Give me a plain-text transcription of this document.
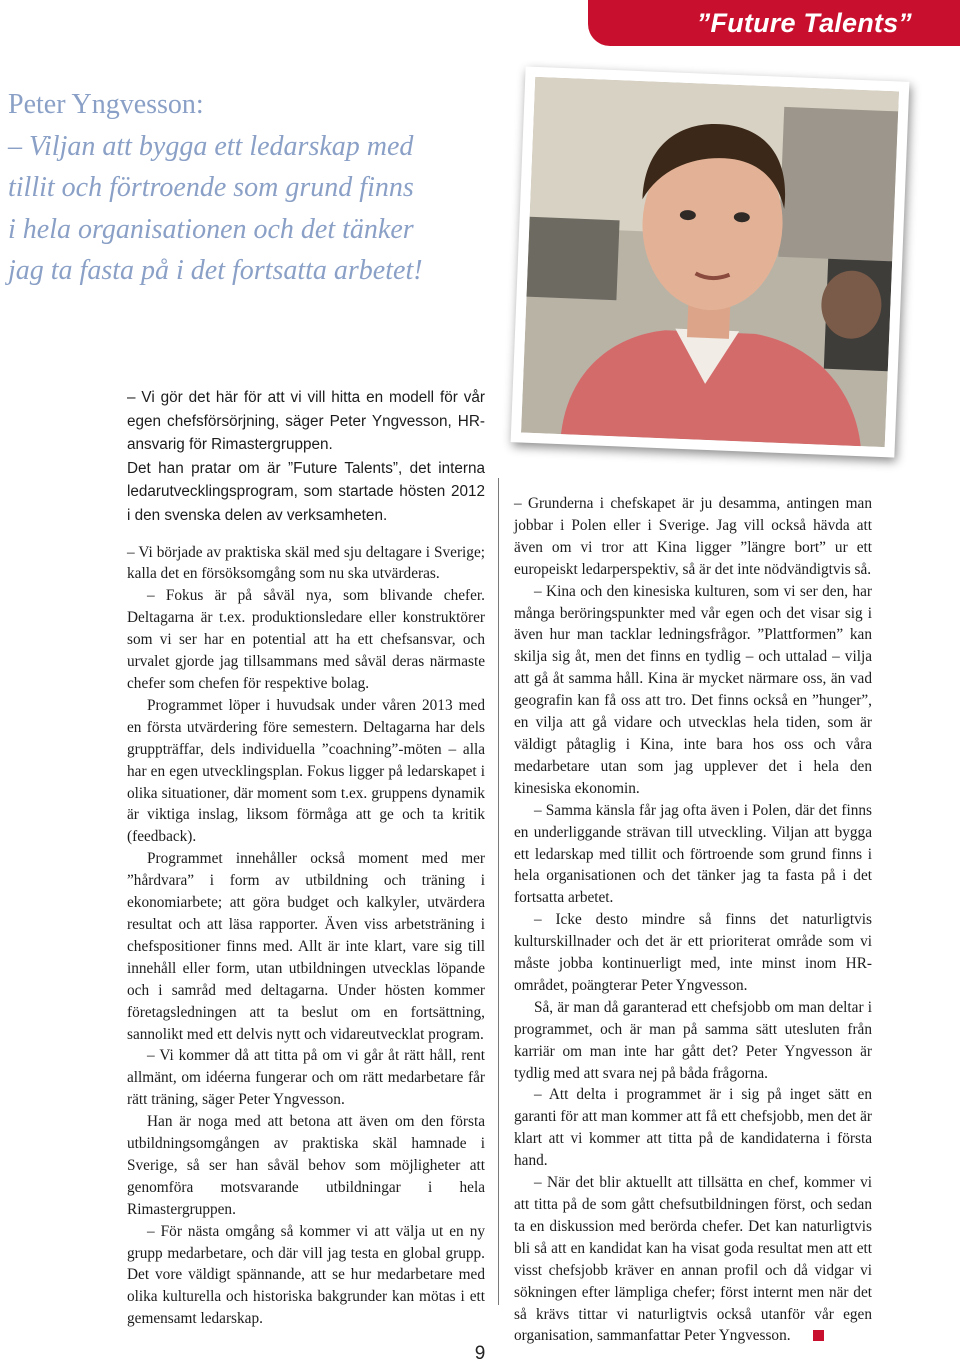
”Future Talents”
Peter Yngvesson:
– Viljan att bygga ett ledarskap med
tillit och förtroende som grund finns
i hela organisationen och det tänker
jag ta fasta på i det fortsatta arbetet!

– Vi gör det här för att vi vill hitta en modell för vår egen chefsförsörjning, säger Peter Yngvesson, HR-ansvarig för Rimastergruppen.
Det han pratar om är ”Future Talents”, det interna ledarutvecklingsprogram, som startade hösten 2012 i den svenska delen av verksamheten.

– Vi började av praktiska skäl med sju deltagare i Sverige; kalla det en försöksomgång som nu ska utvärderas.

– Fokus är på såväl nya, som blivande chefer. Deltagarna är t.ex. produktionsledare eller konstruktörer som vi ser har en potential att ha ett chefsansvar, och urvalet gjorde jag tillsammans med såväl deras närmaste chefer som chefen för respektive bolag.

Programmet löper i huvudsak under våren 2013 med en första utvärdering före semestern. Deltagarna har dels gruppträffar, dels individuella ”coachning”-möten – alla har en egen utvecklingsplan. Fokus ligger på ledarskapet i olika situationer, där moment som t.ex. gruppens dynamik är viktiga inslag, liksom förmåga att ge och ta kritik (feedback).

Programmet innehåller också moment med mer ”hårdvara” i form av utbildning och träning i ekonomiarbete; att göra budget och kalkyler, utvärdera resultat och att läsa rapporter. Även viss arbetsträning i chefspositioner finns med. Allt är inte klart, vare sig till innehåll eller form, utan utbildningen utvecklas löpande och i samråd med deltagarna. Under hösten kommer företagsledningen att ta beslut om en fortsättning, sannolikt med ett delvis nytt och vidareutvecklat program.

– Vi kommer då att titta på om vi går åt rätt håll, rent allmänt, om idéerna fungerar och om rätt medarbetare får rätt träning, säger Peter Yngvesson.

Han är noga med att betona att även om den första utbildningsomgången av praktiska skäl hamnade i Sverige, så ser han såväl behov som möjligheter att genomföra motsvarande utbildningar i hela Rimastergruppen.

– För nästa omgång så kommer vi att välja ut en ny grupp medarbetare, och där vill jag testa en global grupp. Det vore väldigt spännande, att se hur medarbetare med olika kulturella och historiska bakgrunder kan mötas i ett gemensamt ledarskap.

– Grunderna i chefskapet är ju desamma, antingen man jobbar i Polen eller i Sverige. Jag vill också hävda att även om vi tror att Kina ligger ”längre bort” ur ett europeiskt ledarperspektiv, så är det inte nödvändigtvis så.

– Kina och den kinesiska kulturen, som vi ser den, har många beröringspunkter med vår egen och det visar sig i även hur man tacklar ledningsfrågor. ”Plattformen” kan skilja sig åt, men det finns en tydlig – och uttalad – vilja att gå åt samma håll. Kina är mycket närmare oss, än vad geografin kan få oss att tro. Det finns också en ”hunger”, en vilja att gå vidare och utvecklas hela tiden, som är väldigt påtaglig i Kina, inte bara hos oss och våra medarbetare utan som jag upplever det i hela den kinesiska ekonomin.

– Samma känsla får jag ofta även i Polen, där det finns en underliggande strävan till utveckling. Viljan att bygga ett ledarskap med tillit och förtroende som grund finns i hela organisationen och det tänker jag ta fasta på i det fortsatta arbetet.

– Icke desto mindre så finns det naturligtvis kulturskillnader och det är ett prioriterat område som vi måste jobba kontinuerligt med, inte minst inom HR-området, poängterar Peter Yngvesson.

Så, är man då garanterad ett chefsjobb om man deltar i programmet, och är man på samma sätt utesluten från karriär om man inte har gått det? Peter Yngvesson är tydlig med att svara nej på båda frågorna.

– Att delta i programmet är i sig på inget sätt en garanti för att man kommer att få ett chefsjobb, men det är klart att vi kommer att titta på de kandidaterna i första hand.

– När det blir aktuellt att tillsätta en chef, kommer vi att titta på de som gått chefsutbildningen först, och sedan ta en diskussion med berörda chefer. Det kan naturligtvis bli så att en kandidat kan ha visat goda resultat men att ett visst chefsjobb kräver en annan profil och då vidgar vi sökningen efter lämpliga chefer; först internt men när det så krävs tittar vi naturligtvis också utanför vår egen organisation, sammanfattar Peter Yngvesson.

9
